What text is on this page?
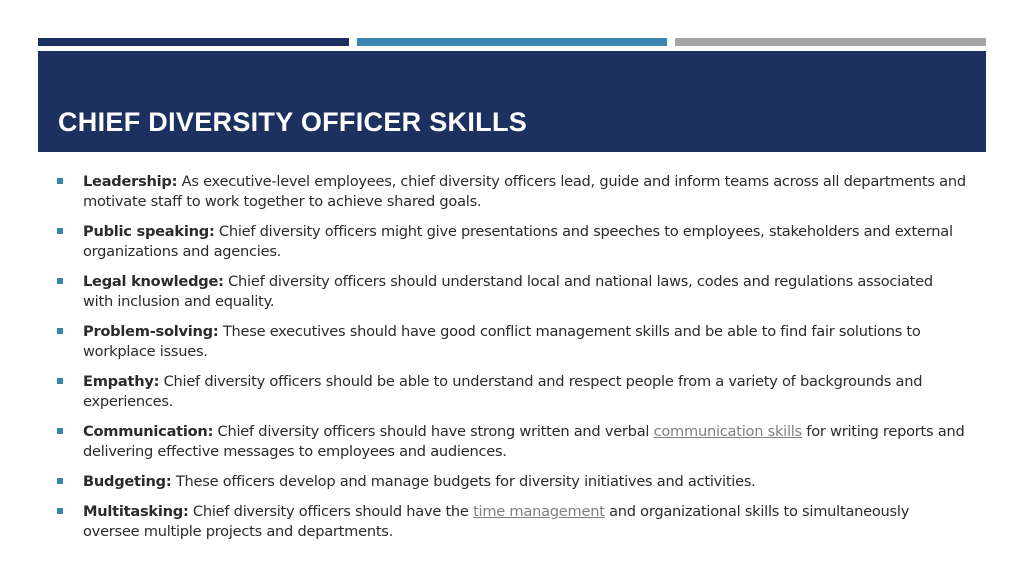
CHIEF DIVERSITY OFFICER SKILLS
Leadership: As executive-level employees, chief diversity officers lead, guide and inform teams across all departments and motivate staff to work together to achieve shared goals.
Public speaking: Chief diversity officers might give presentations and speeches to employees, stakeholders and external organizations and agencies.
Legal knowledge: Chief diversity officers should understand local and national laws, codes and regulations associated with inclusion and equality.
Problem-solving: These executives should have good conflict management skills and be able to find fair solutions to workplace issues.
Empathy: Chief diversity officers should be able to understand and respect people from a variety of backgrounds and experiences.
Communication: Chief diversity officers should have strong written and verbal communication skills for writing reports and delivering effective messages to employees and audiences.
Budgeting: These officers develop and manage budgets for diversity initiatives and activities.
Multitasking: Chief diversity officers should have the time management and organizational skills to simultaneously oversee multiple projects and departments.
